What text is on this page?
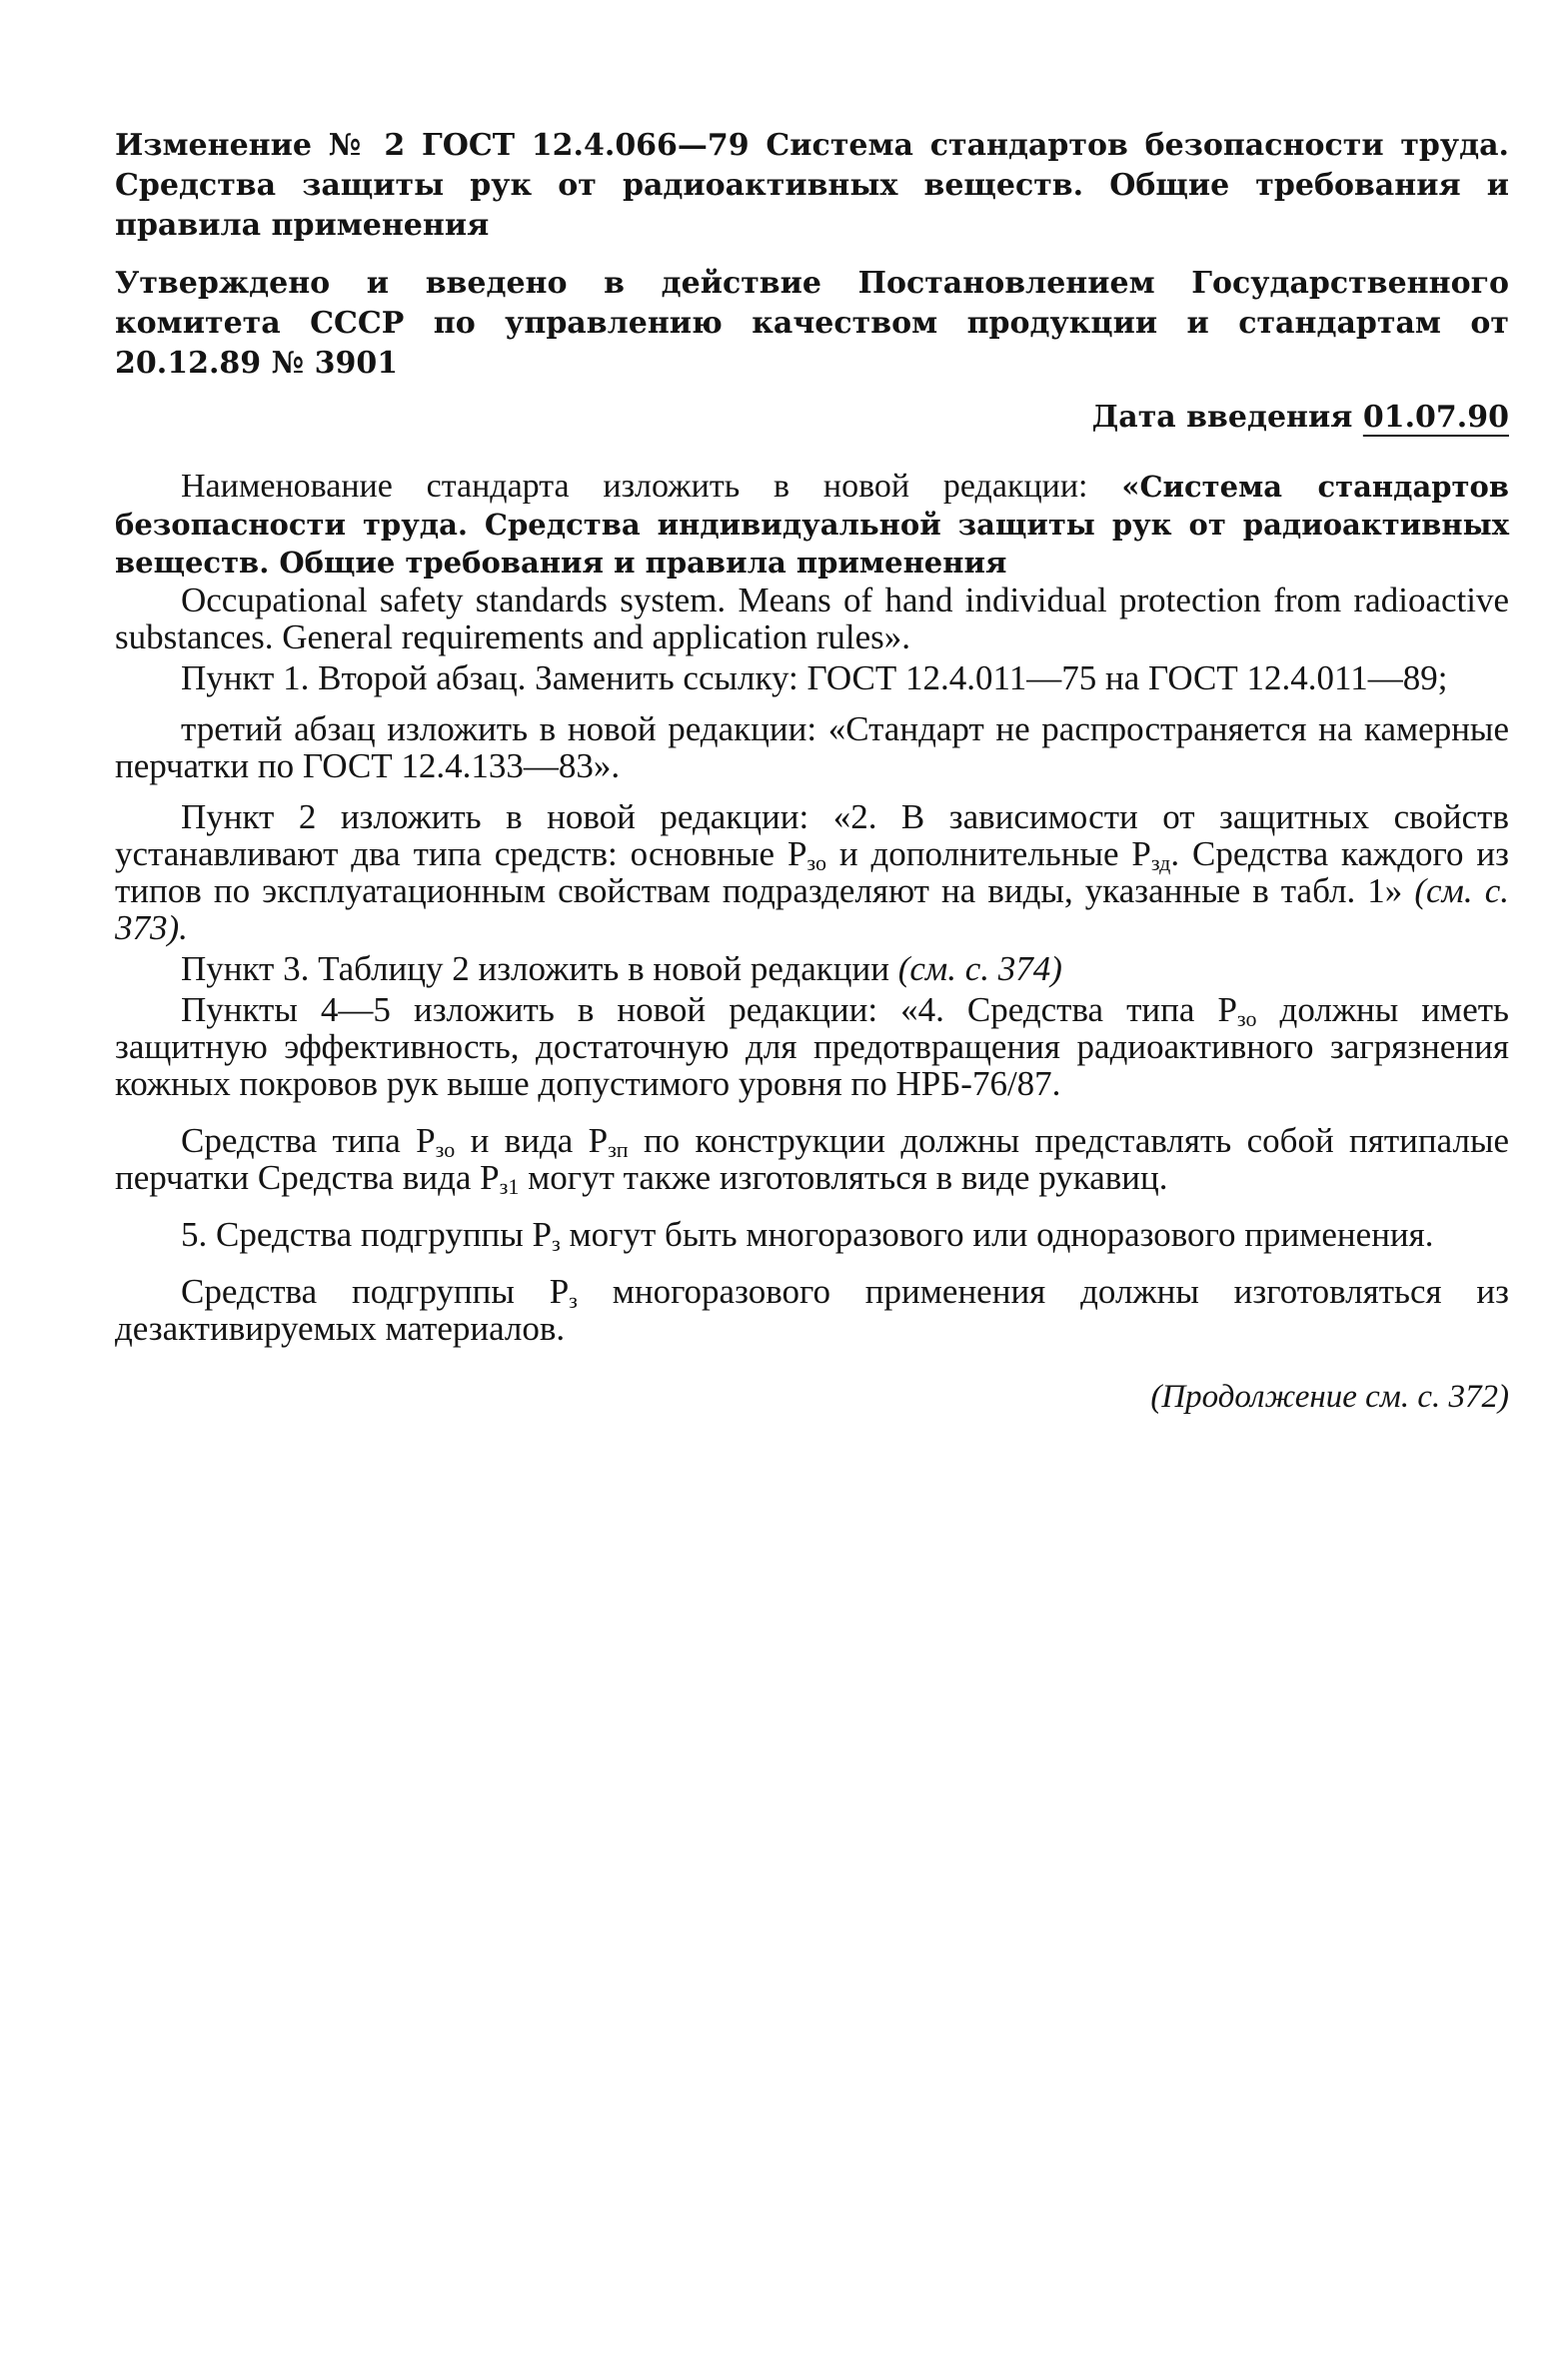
Изменение № 2 ГОСТ 12.4.066—79 Система стандартов безопасности труда. Средства защиты рук от радиоактивных веществ. Общие требования и правила применения

Утверждено и введено в действие Постановлением Государственного комитета СССР по управлению качеством продукции и стандартам от 20.12.89 № 3901

Дата введения 01.07.90

Наименование стандарта изложить в новой редакции: «Система стандартов безопасности труда. Средства индивидуальной защиты рук от радиоактивных веществ. Общие требования и правила применения

Occupational safety standards system. Means of hand individual protection from radioactive substances. General requirements and application rules».

Пункт 1. Второй абзац. Заменить ссылку: ГОСТ 12.4.011—75 на ГОСТ 12.4.011—89;

третий абзац изложить в новой редакции: «Стандарт не распространяется на камерные перчатки по ГОСТ 12.4.133—83».

Пункт 2 изложить в новой редакции: «2. В зависимости от защитных свойств устанавливают два типа средств: основные $Р_{зо}$ и дополнительные $Р_{зд}$. Средства каждого из типов по эксплуатационным свойствам подразделяют на виды, указанные в табл. 1» (см. с. 373).

Пункт 3. Таблицу 2 изложить в новой редакции (см. с. 374)

Пункты 4—5 изложить в новой редакции: «4. Средства типа $Р_{зо}$ должны иметь защитную эффективность, достаточную для предотвращения радиоактивного загрязнения кожных покровов рук выше допустимого уровня по НРБ-76/87.

Средства типа $Р_{зо}$ и вида $Р_{зп}$ по конструкции должны представлять собой пятипалые перчатки Средства вида $Р_{з1}$ могут также изготовляться в виде рукавиц.

5. Средства подгруппы $Р_з$ могут быть многоразового или одноразового применения.

Средства подгруппы $Р_з$ многоразового применения должны изготовляться из дезактивируемых материалов.

(Продолжение см. с. 372)
